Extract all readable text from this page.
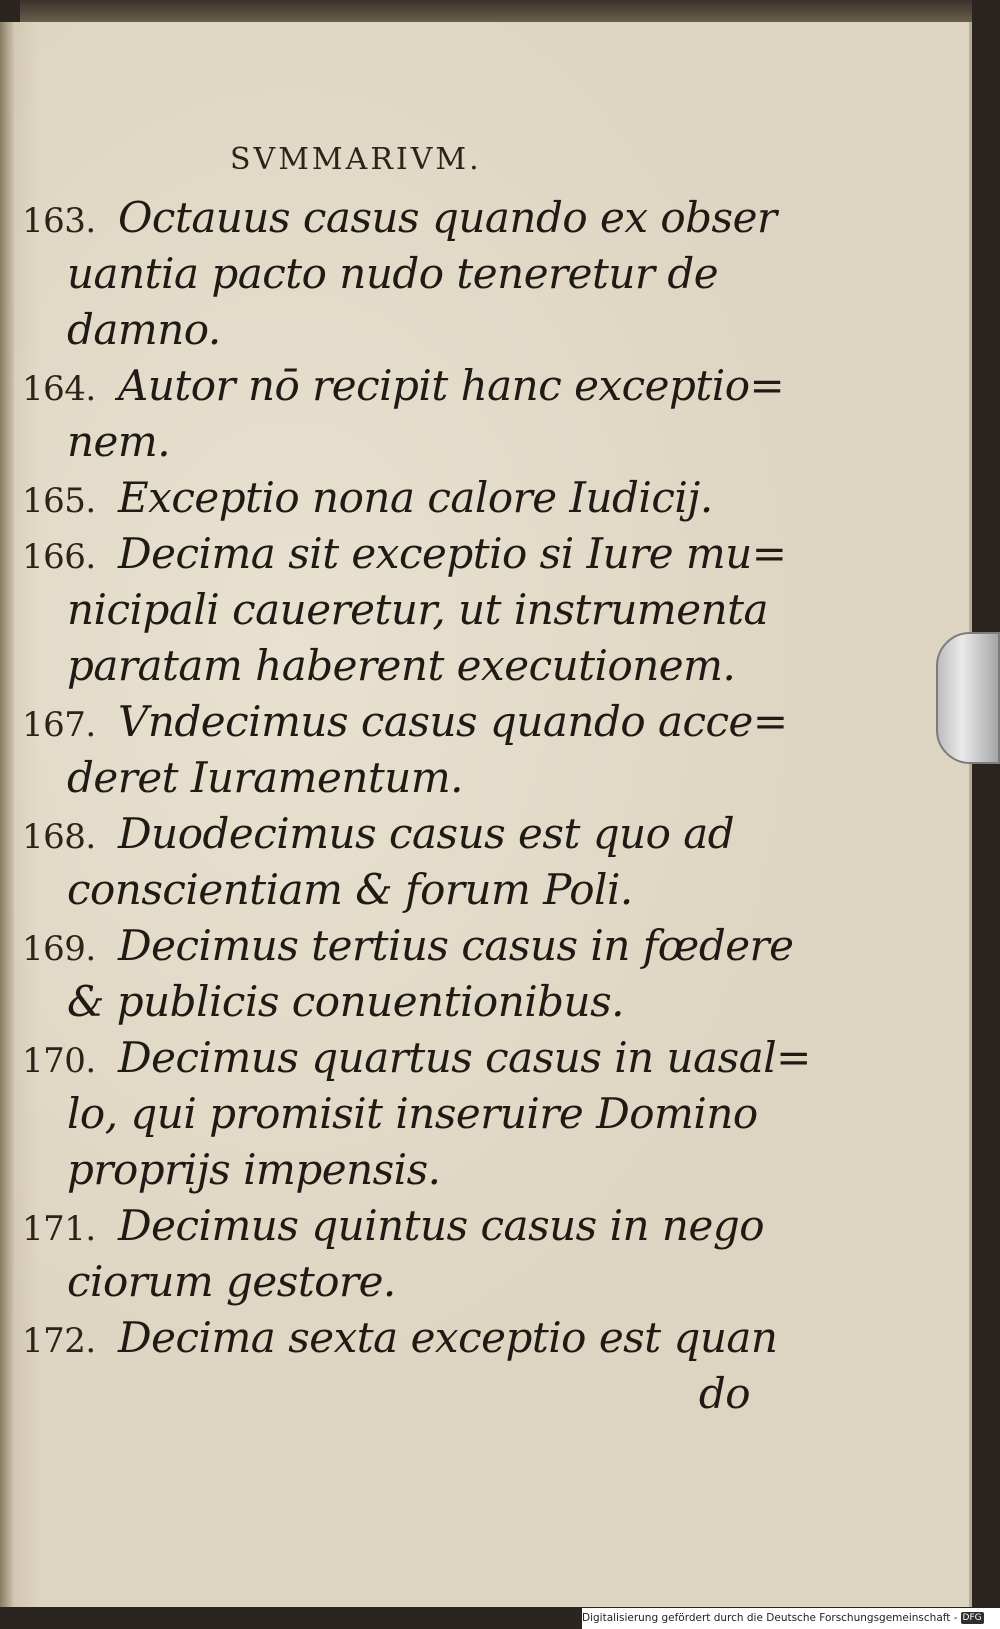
SVMMARIVM.
163. Octauus casus quando ex obser
uantia pacto nudo teneretur de
damno.
164. Autor nō recipit hanc exceptio=
nem.
165. Exceptio nona calore Iudicij.
166. Decima sit exceptio si Iure mu=
nicipali caueretur, ut instrumenta
paratam haberent executionem.
167. Vndecimus casus quando acce=
deret Iuramentum.
168. Duodecimus casus est quo ad
conscientiam & forum Poli.
169. Decimus tertius casus in fœdere
& publicis conuentionibus.
170. Decimus quartus casus in uasal=
lo, qui promisit inseruire Domino
proprijs impensis.
171. Decimus quintus casus in nego
ciorum gestore.
172. Decima sexta exceptio est quan
do
Digitalisierung gefördert durch die Deutsche Forschungsgemeinschaft - DFG
